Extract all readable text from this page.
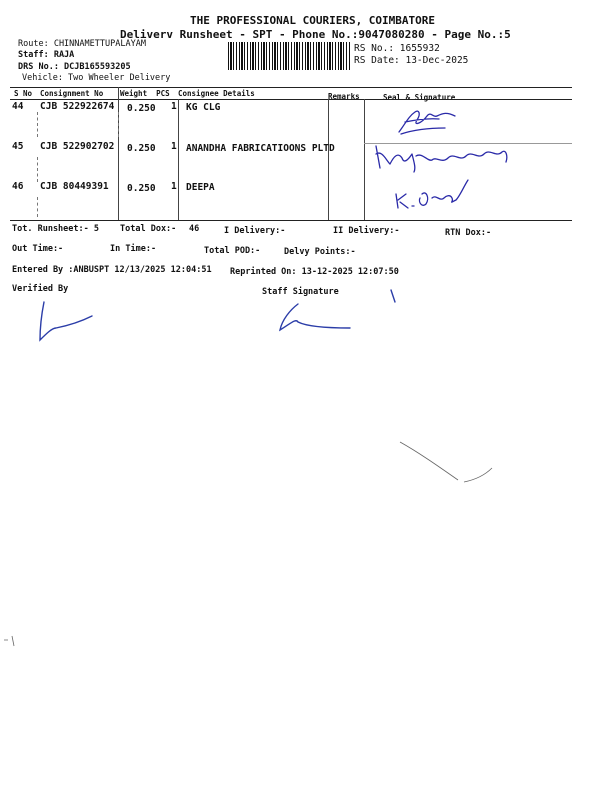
THE PROFESSIONAL COURIERS, COIMBATORE
Deliverv Runsheet - SPT - Phone No.:9047080280 - Page No.:5
Route: CHINNAMETTUPALAYAM
Staff: RAJA
DRS No.: DCJB165593205
Vehicle: Two Wheeler Delivery
RS No.: 1655932
RS Date: 13-Dec-2025
S No Consignment No Weight  PCS Consignee Details	Remarks	Seal & Signature
44 CJB 522922674 0.250 1 KG CLG
45 CJB 522902702 0.250 1 ANANDHA FABRICATIOONS PLTD
46 CJB 80449391 0.250 1 DEEPA
Tot. Runsheet:- 5 Total Dox:- 46	I Delivery:-	II Delivery:-	RTN Dox:-
Out Time:-	In Time:-	Total POD:-	Delvy Points:-
Entered By :ANBUSPT 12/13/2025 12:04:51 Reprinted On: 13-12-2025 12:07:50
Verified By	Staff Signature
